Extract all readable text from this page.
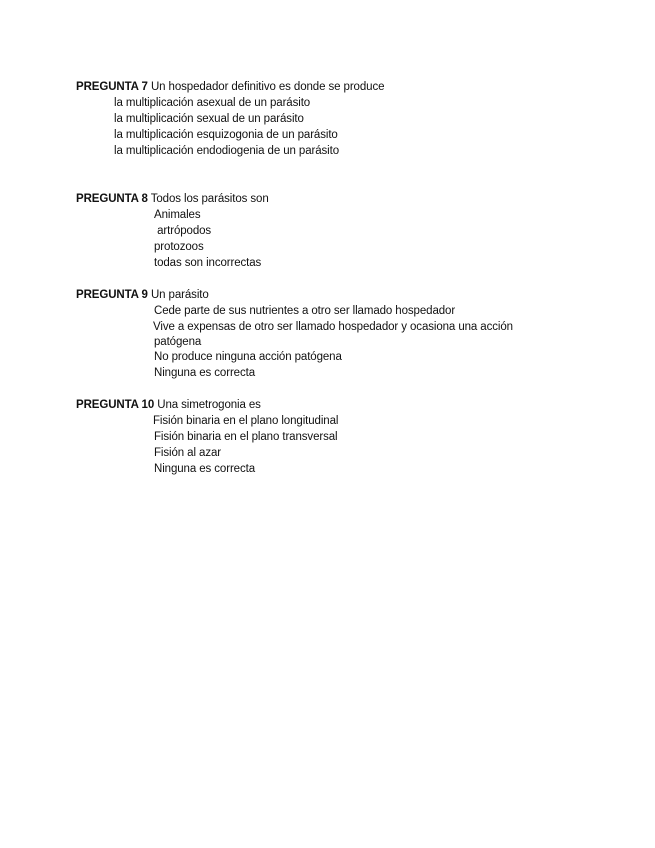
PREGUNTA 7 Un hospedador definitivo es donde se produce
la multiplicación asexual de un parásito
la multiplicación sexual de un parásito
la multiplicación esquizogonia de un parásito
la multiplicación endodiogenia de un parásito
PREGUNTA 8 Todos los parásitos son
Animales
artrópodos
protozoos
todas son incorrectas
PREGUNTA 9 Un parásito
Cede parte de sus nutrientes a otro ser llamado hospedador
Vive a expensas de otro ser llamado hospedador y ocasiona una acción
patógena
No produce ninguna acción patógena
Ninguna es correcta
PREGUNTA 10 Una simetrogonia es
Fisión binaria en el plano longitudinal
Fisión binaria en el plano transversal
Fisión al azar
Ninguna es correcta
